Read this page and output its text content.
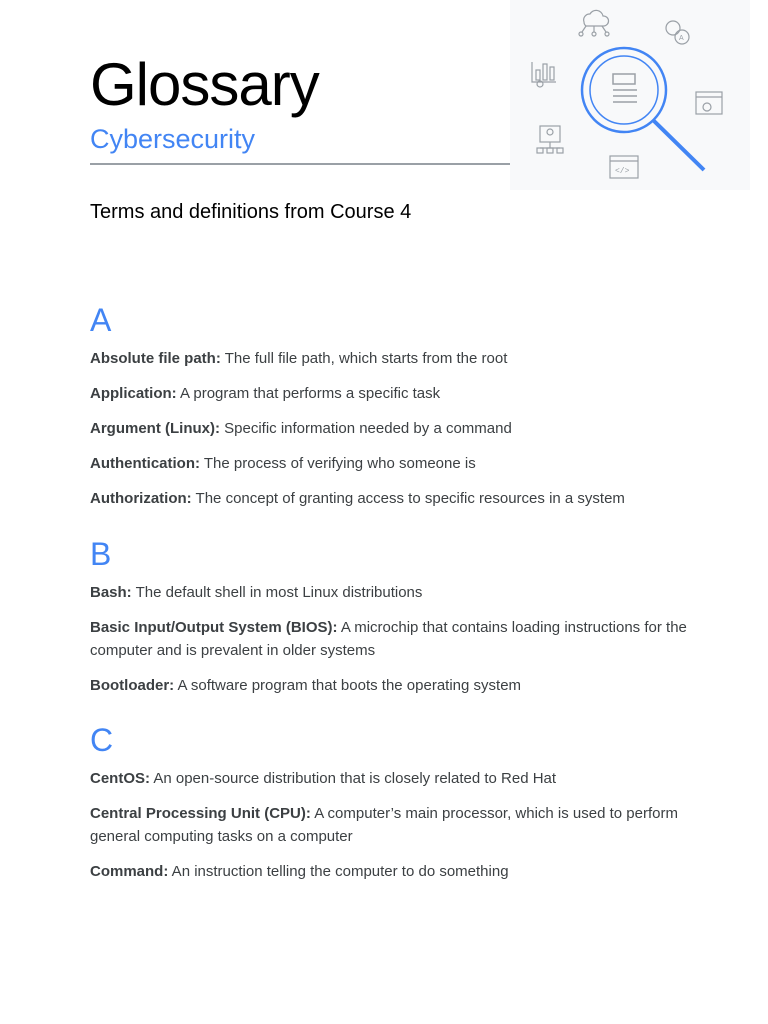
Glossary
Cybersecurity
A
</>
Terms and definitions from Course 4
A

Absolute file path: The full file path, which starts from the root

Application: A program that performs a specific task

Argument (Linux): Specific information needed by a command

Authentication: The process of verifying who someone is

Authorization: The concept of granting access to specific resources in a system

B

Bash: The default shell in most Linux distributions

Basic Input/Output System (BIOS): A microchip that contains loading instructions for the computer and is prevalent in older systems

Bootloader: A software program that boots the operating system

C

CentOS: An open-source distribution that is closely related to Red Hat

Central Processing Unit (CPU): A computer’s main processor, which is used to perform general computing tasks on a computer

Command: An instruction telling the computer to do something
